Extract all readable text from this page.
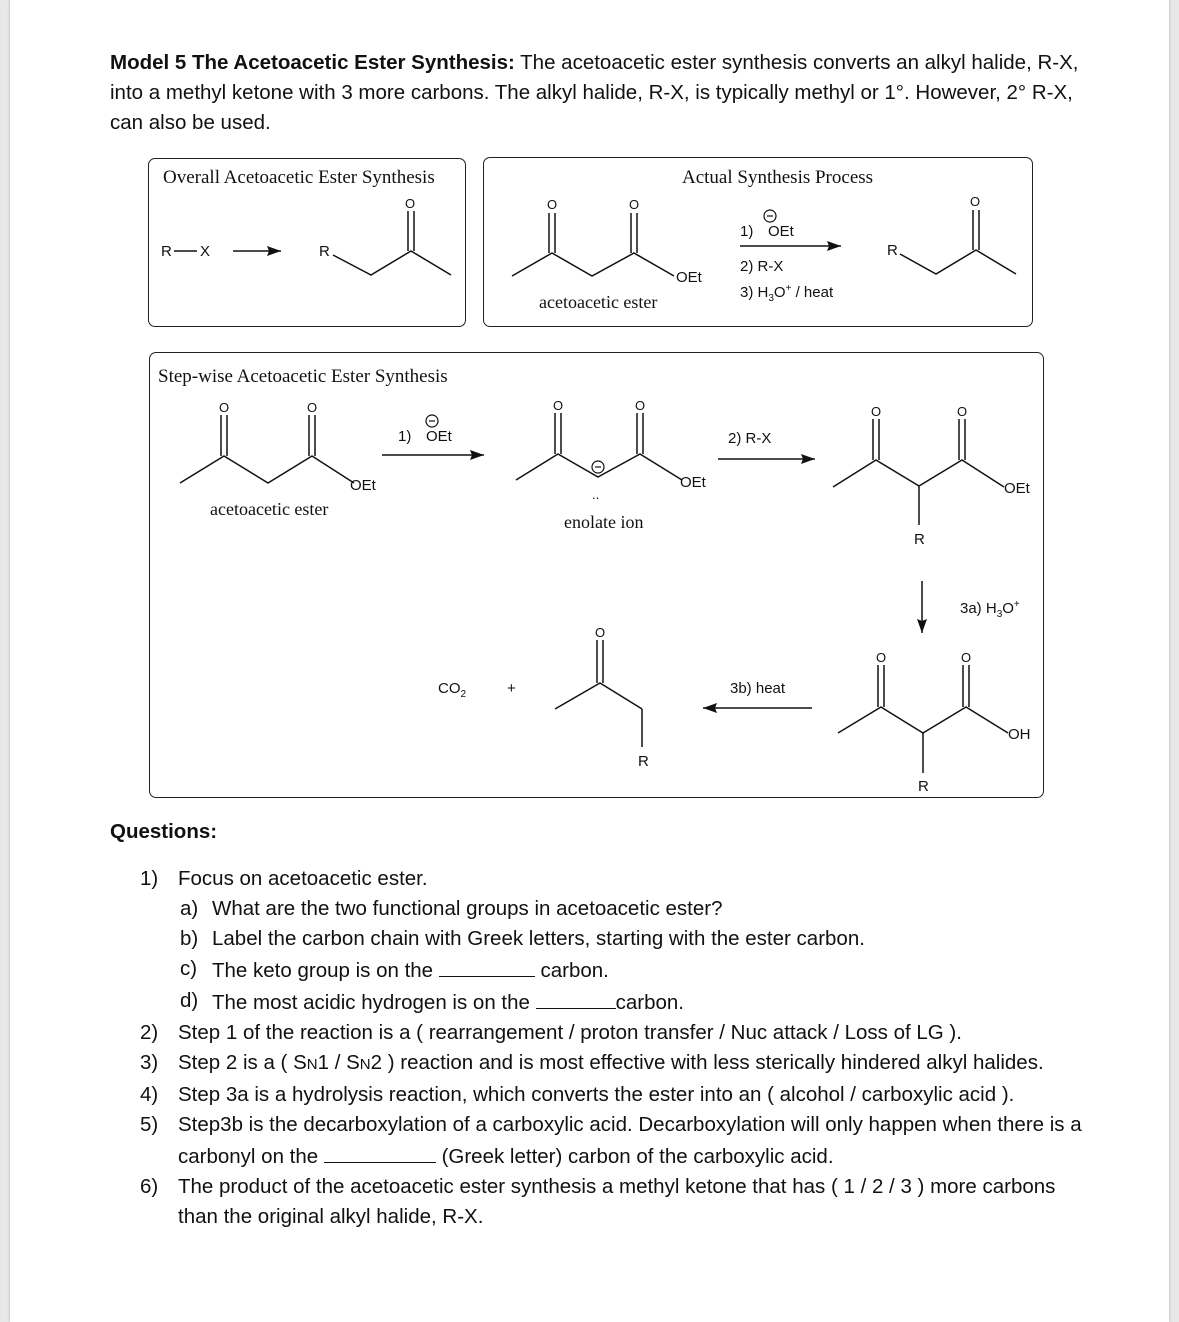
Model 5 The Acetoacetic Ester Synthesis: The acetoacetic ester synthesis converts an alkyl halide, R-X, into a methyl ketone with 3 more carbons. The alkyl halide, R-X, is typically methyl or 1°. However, 2° R-X, can also be used.
Overall Acetoacetic Ester Synthesis
R X	R
O
Actual Synthesis Process
O	O
OEt
acetoacetic ester
1) OEt
2) R-X
3) $H_3O^+$ / heat
R
O
Step-wise Acetoacetic Ester Synthesis
O	O
OEt
acetoacetic ester
1) OEt
O	O
..
OEt
enolate ion
2) R-X
O	O
OEt
R
3a) $H_3O^+$
O	O
OH
R
3b) heat
O
R
+
$CO_2$
Questions:
1) Focus on acetoacetic ester.
a) What are the two functional groups in acetoacetic ester?
b) Label the carbon chain with Greek letters, starting with the ester carbon.
c) The keto group is on the	carbon.
d) The most acidic hydrogen is on the	carbon.
2) Step 1 of the reaction is a ( rearrangement / proton transfer / Nuc attack / Loss of LG ).
3) Step 2 is a ( SN1 / SN2 ) reaction and is most effective with less sterically hindered alkyl halides.
4) Step 3a is a hydrolysis reaction, which converts the ester into an ( alcohol / carboxylic acid ).
5) Step3b is the decarboxylation of a carboxylic acid. Decarboxylation will only happen when there is a carbonyl on the	(Greek letter) carbon of the carboxylic acid.
6) The product of the acetoacetic ester synthesis a methyl ketone that has ( 1 / 2 / 3 ) more carbons than the original alkyl halide, R-X.
